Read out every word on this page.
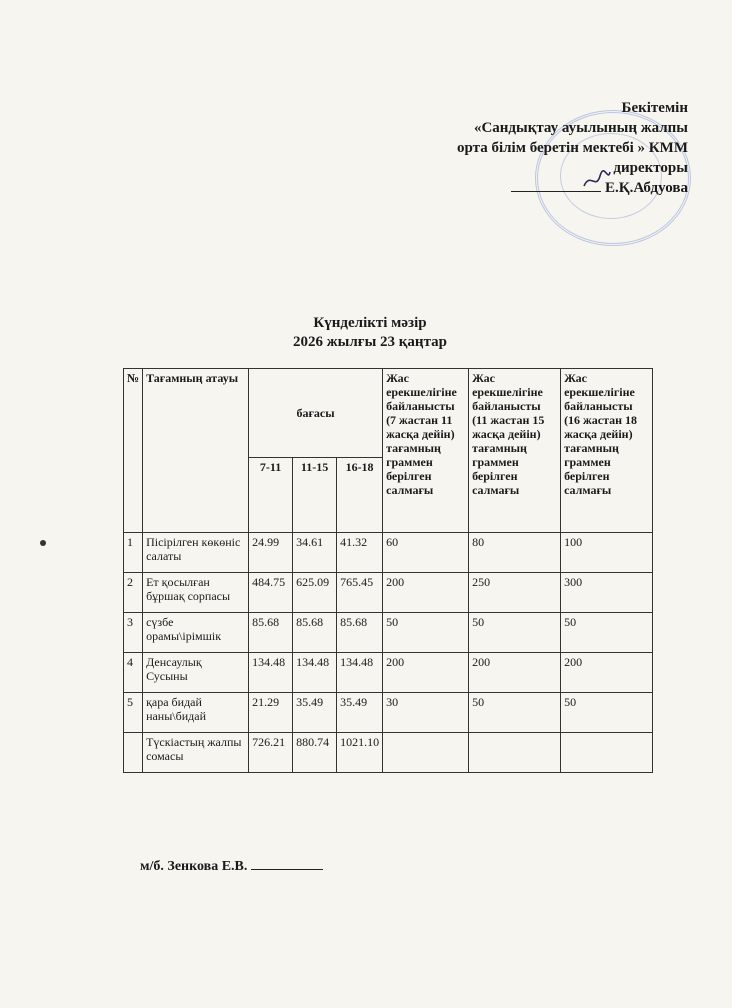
Бекітемін
«Сандықтау ауылының жалпы
орта білім беретін мектебі » КММ
директоры
Е.Қ.Абдуова
Күнделікті мәзір
2026 жылғы 23 қаңтар
№	Тағамның атауы	бағасы			Жас ерекшелігіне байланысты (7 жастан 11 жасқа дейін) тағамның граммен берілген салмағы	Жас ерекшелігіне байланысты (11 жастан 15 жасқа дейін) тағамның граммен берілген салмағы	Жас ерекшелігіне байланысты (16 жастан 18 жасқа дейін) тағамның граммен берілген салмағы
		7-11	11-15	16-18			
1	Пісірілген көкөніс салаты	24.99	34.61	41.32	60	80	100
2	Ет қосылған бұршақ сорпасы	484.75	625.09	765.45	200	250	300
3	сүзбе орамы\ірімшік	85.68	85.68	85.68	50	50	50
4	Денсаулық Сусыны	134.48	134.48	134.48	200	200	200
5	қара бидай наны\бидай	21.29	35.49	35.49	30	50	50
	Түскіастың жалпы сомасы	726.21	880.74	1021.10			
м/б. Зенкова Е.В.
